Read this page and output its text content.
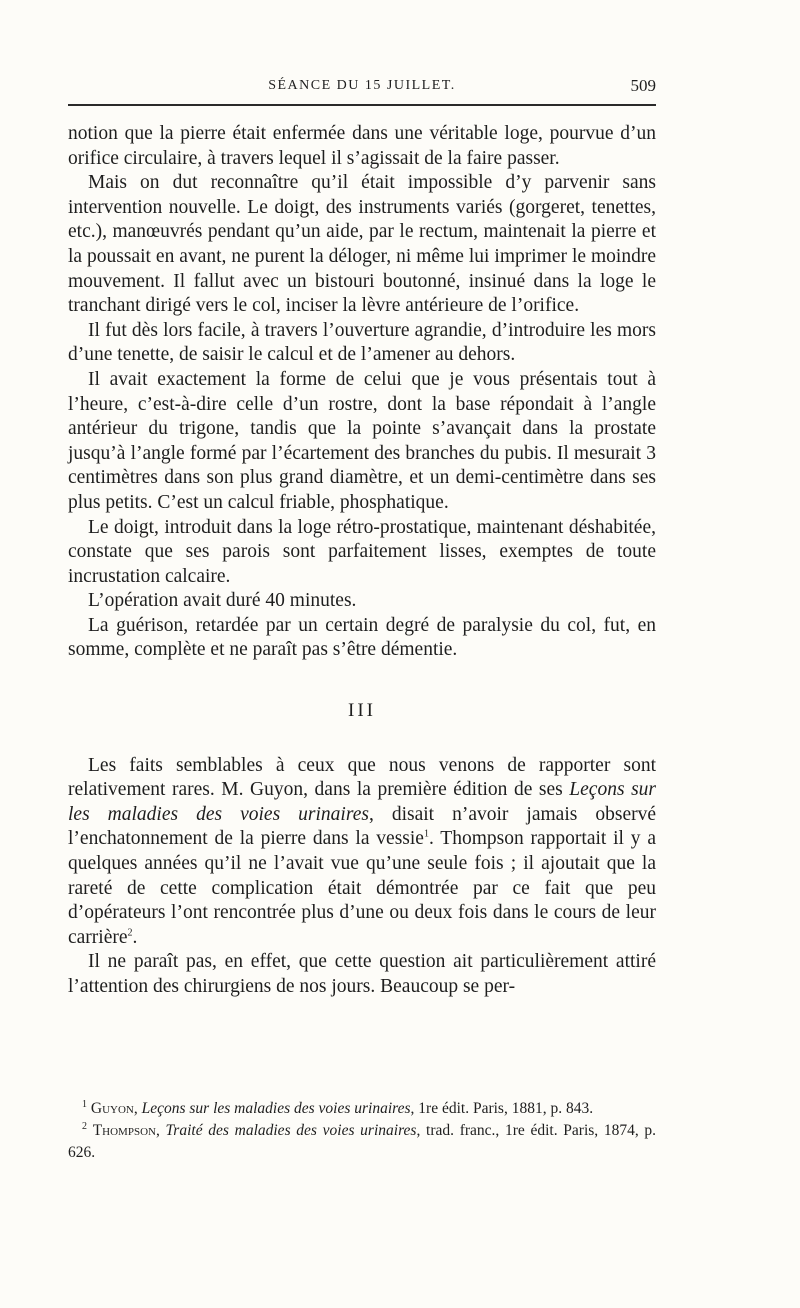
SÉANCE DU 15 JUILLET.	509

notion que la pierre était enfermée dans une véritable loge, pourvue d’un orifice circulaire, à travers lequel il s’agissait de la faire passer.

Mais on dut reconnaître qu’il était impossible d’y parvenir sans intervention nouvelle. Le doigt, des instruments variés (gorgeret, tenettes, etc.), manœuvrés pendant qu’un aide, par le rectum, maintenait la pierre et la poussait en avant, ne purent la déloger, ni même lui imprimer le moindre mouvement. Il fallut avec un bistouri boutonné, insinué dans la loge le tranchant dirigé vers le col, inciser la lèvre antérieure de l’orifice.

Il fut dès lors facile, à travers l’ouverture agrandie, d’introduire les mors d’une tenette, de saisir le calcul et de l’amener au dehors.

Il avait exactement la forme de celui que je vous présentais tout à l’heure, c’est-à-dire celle d’un rostre, dont la base répondait à l’angle antérieur du trigone, tandis que la pointe s’avançait dans la prostate jusqu’à l’angle formé par l’écartement des branches du pubis. Il mesurait 3 centimètres dans son plus grand diamètre, et un demi-centimètre dans ses plus petits. C’est un calcul friable, phosphatique.

Le doigt, introduit dans la loge rétro-prostatique, maintenant déshabitée, constate que ses parois sont parfaitement lisses, exemptes de toute incrustation calcaire.

L’opération avait duré 40 minutes.

La guérison, retardée par un certain degré de paralysie du col, fut, en somme, complète et ne paraît pas s’être démentie.

III

Les faits semblables à ceux que nous venons de rapporter sont relativement rares. M. Guyon, dans la première édition de ses Leçons sur les maladies des voies urinaires, disait n’avoir jamais observé l’enchatonnement de la pierre dans la vessie$^1$. Thompson rapportait il y a quelques années qu’il ne l’avait vue qu’une seule fois ; il ajoutait que la rareté de cette complication était démontrée par ce fait que peu d’opérateurs l’ont rencontrée plus d’une ou deux fois dans le cours de leur carrière$^2$.

Il ne paraît pas, en effet, que cette question ait particulièrement attiré l’attention des chirurgiens de nos jours. Beaucoup se per-

$^1$ Guyon, Leçons sur les maladies des voies urinaires, 1re édit. Paris, 1881, p. 843.

$^2$ Thompson, Traité des maladies des voies urinaires, trad. franc., 1re édit. Paris, 1874, p. 626.
